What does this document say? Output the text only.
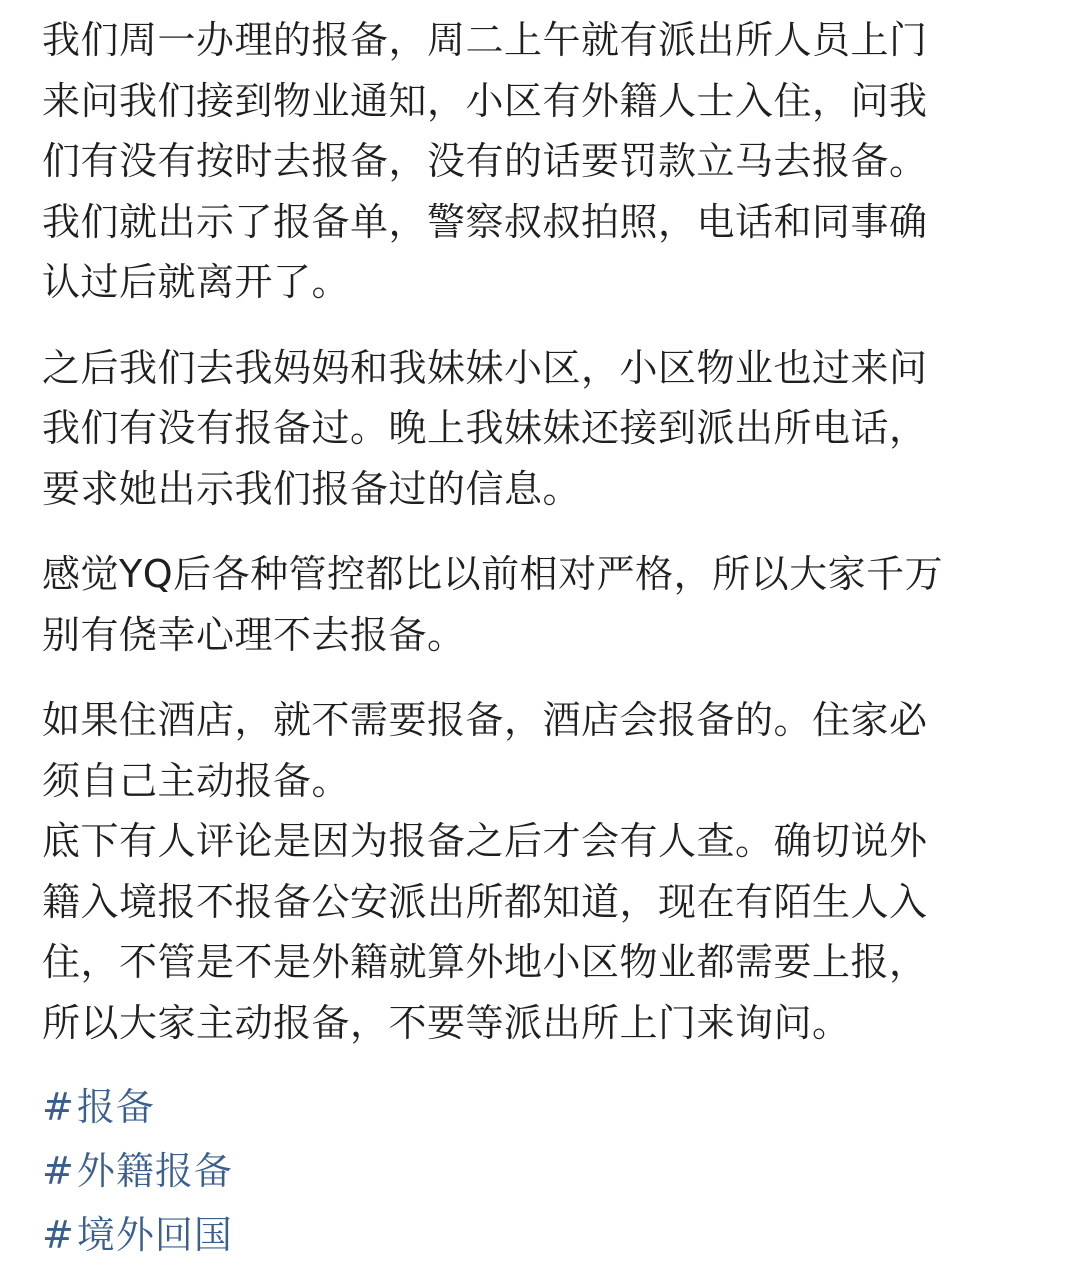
我们周一办理的报备，周二上午就有派出所人员上门
来问我们接到物业通知，小区有外籍人士入住，问我
们有没有按时去报备，没有的话要罚款立马去报备。
我们就出示了报备单，警察叔叔拍照，电话和同事确
认过后就离开了。
之后我们去我妈妈和我妹妹小区，小区物业也过来问
我们有没有报备过。晚上我妹妹还接到派出所电话，
要求她出示我们报备过的信息。
感觉YQ后各种管控都比以前相对严格，所以大家千万
别有侥幸心理不去报备。
如果住酒店，就不需要报备，酒店会报备的。住家必
须自己主动报备。
底下有人评论是因为报备之后才会有人查。确切说外
籍入境报不报备公安派出所都知道，现在有陌生人入
住，不管是不是外籍就算外地小区物业都需要上报，
所以大家主动报备，不要等派出所上门来询问。
#报备
#外籍报备
#境外回国
